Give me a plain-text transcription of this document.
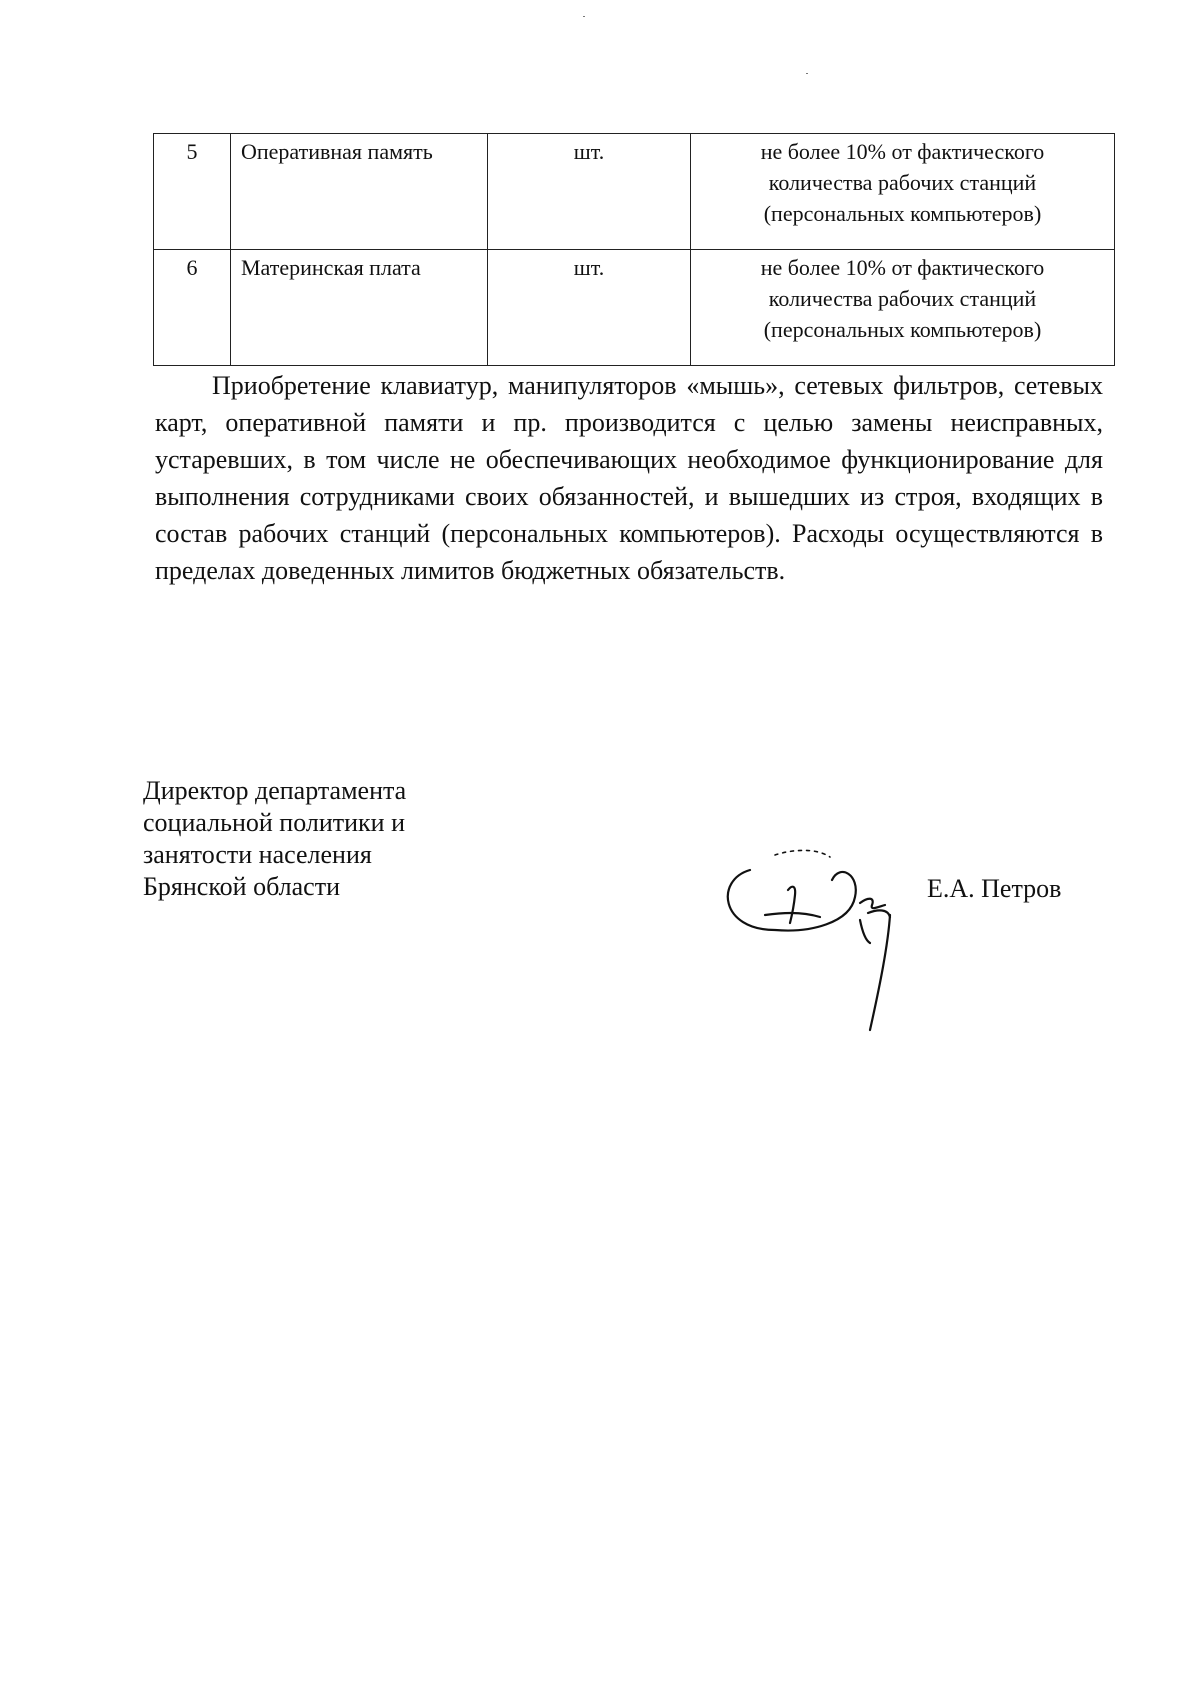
5	Оперативная память	шт.	не более 10% от фактического
количества рабочих станций
(персональных компьютеров)

6	Материнская плата	шт.	не более 10% от фактического
количества рабочих станций
(персональных компьютеров)

Приобретение клавиатур, манипуляторов «мышь», сетевых фильтров, сетевых карт, оперативной памяти и пр. производится с целью замены неисправных, устаревших, в том числе не обеспечивающих необходимое функционирование для выполнения сотрудниками своих обязанностей, и вышедших из строя, входящих в состав рабочих станций (персональных компьютеров). Расходы осуществляются в пределах доведенных лимитов бюджетных обязательств.

Директор департамента
социальной политики и
занятости населения
Брянской области	Е.А. Петров
